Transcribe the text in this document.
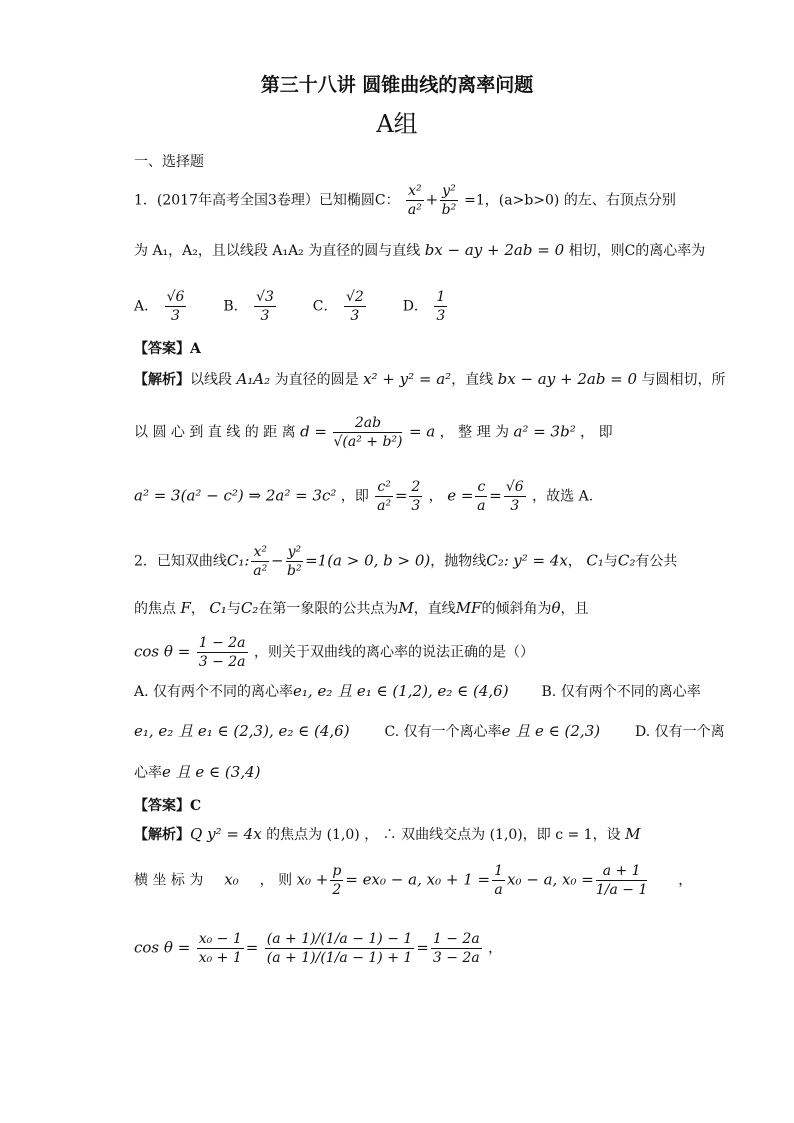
第三十八讲 圆锥曲线的离率问题
A组
一、选择题
1．(2017年高考全国3卷理）已知椭圆C： $\frac{\text{x²}}{\text{a²}} + \frac{\text{y²}}{\text{b²}} =1$，(a>b>0) 的左、右顶点分别
为 A₁，A₂，且以线段 A₁A₂ 为直径的圆与直线 bx − ay + 2ab = 0 相切，则C的离心率为
A． $\frac{√6}{3}$	B． $\frac{√3}{3}$	C． $\frac{√2}{3}$	D． $\frac{1}{3}$
【答案】A
【解析】以线段 A₁A₂ 为直径的圆是 x² + y² = a²，直线 bx − ay + 2ab = 0 与圆相切，所
以 圆 心 到 直 线 的 距 离 $d = \frac{2ab}{\text{√(a² + b²)}} = a$ ， 整 理 为 a² = 3b² ， 即
a² = 3(a² − c²) ⇒ 2a² = 3c² ，即 $\frac{\text{c²}}{\text{a²}} = \frac{2}{3}$ ， $e = \frac{c}{a} = \frac{√6}{3}$ ，故选 A.
2．已知双曲线C₁: $\frac{\text{x²}}{\text{a²}} - \frac{\text{y²}}{\text{b²}} =1(a > 0$, b > 0)，抛物线C₂: y² = 4x， C₁与C₂有公共
的焦点 F， C₁与C₂在第一象限的公共点为M，直线MF的倾斜角为θ，且
$\cos \theta = \frac{1 - 2a}{3 - 2a}$ ，则关于双曲线的离心率的说法正确的是（）
A. 仅有两个不同的离心率e₁, e₂ 且 e₁ ∈ (1,2), e₂ ∈ (4,6) B. 仅有两个不同的离心率
e₁, e₂ 且 e₁ ∈ (2,3), e₂ ∈ (4,6) C. 仅有一个离心率e 且 e ∈ (2,3) D. 仅有一个离
心率e 且 e ∈ (3,4)
【答案】C
【解析】Q y² = 4x 的焦点为 (1,0) ， ∴ 双曲线交点为 (1,0)，即 c = 1，设 M
横 坐 标 为 x₀ ， 则 $x_0 + \frac{p}{2} = ex_0 - a$, $x_0 + 1 = \frac{1}{a} x_0 - a$, $x_0 = \frac{a + 1}{1/a - 1}$ ，
$\cos \theta = \frac{\text{x₀ − 1}}{\text{x₀ + 1}} = \frac{(a + 1)/(1/a - 1) - 1}{(a + 1)/(1/a - 1) + 1} = \frac{1 - 2a}{3 - 2a}$ ，
